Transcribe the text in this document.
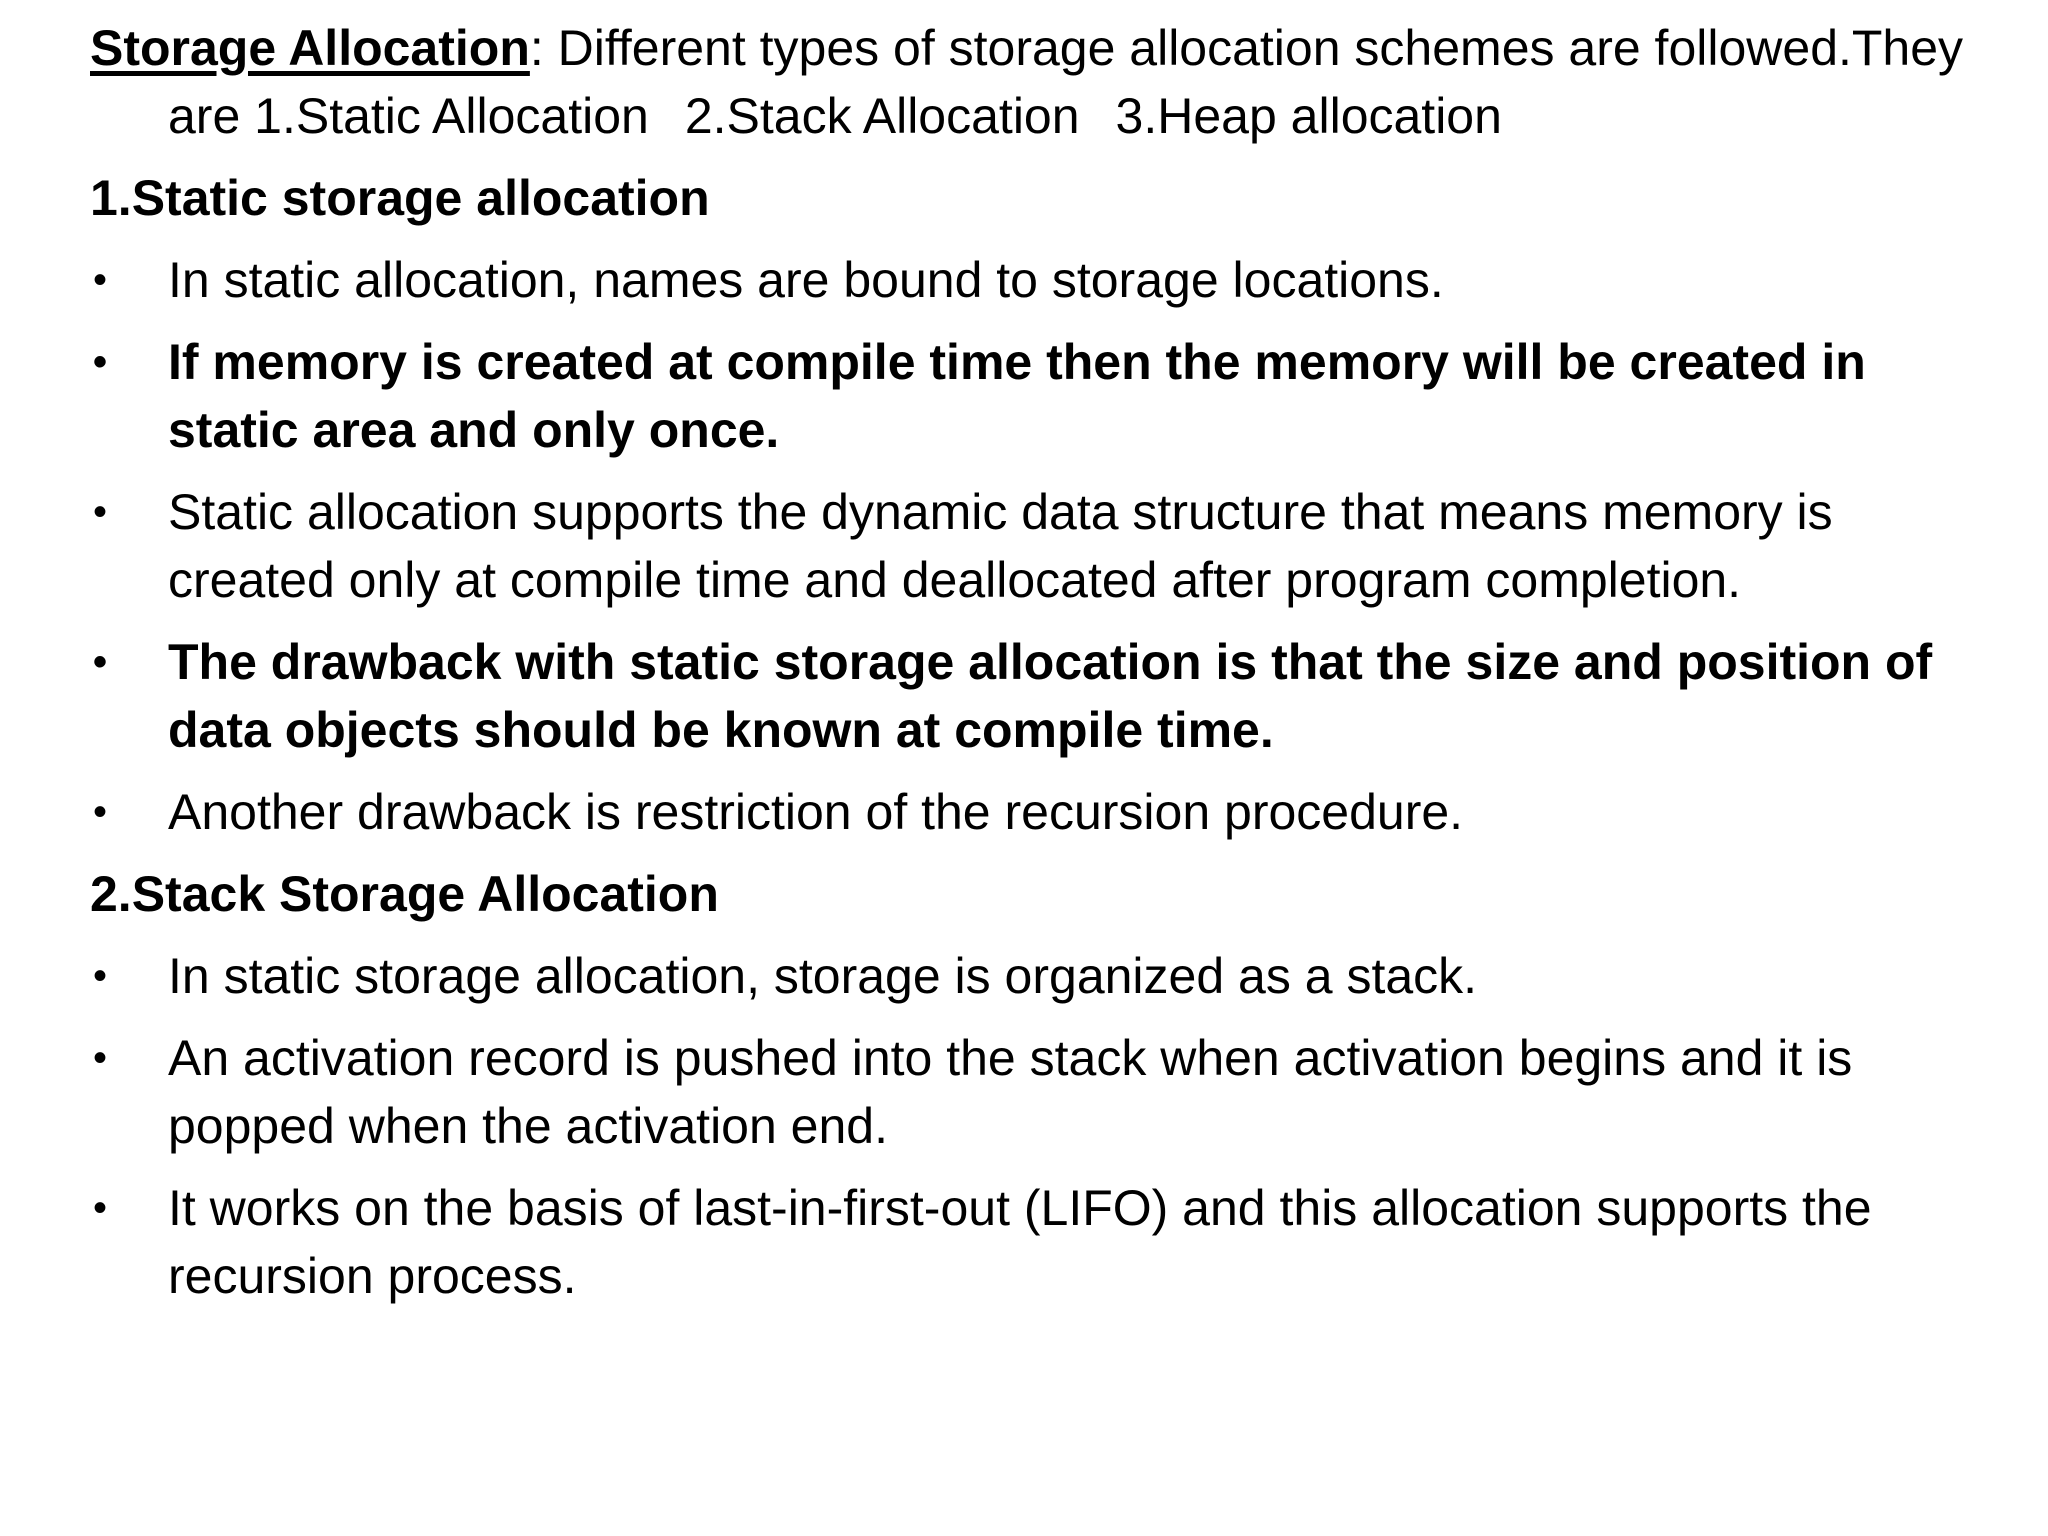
Storage Allocation: Different types of storage allocation schemes are followed.They are 1.Static Allocation 2.Stack Allocation 3.Heap allocation

1.Static storage allocation

• In static allocation, names are bound to storage locations.
• If memory is created at compile time then the memory will be created in static area and only once.
• Static allocation supports the dynamic data structure that means memory is created only at compile time and deallocated after program completion.
• The drawback with static storage allocation is that the size and position of data objects should be known at compile time.
• Another drawback is restriction of the recursion procedure.

2.Stack Storage Allocation

• In static storage allocation, storage is organized as a stack.
• An activation record is pushed into the stack when activation begins and it is popped when the activation end.
• It works on the basis of last-in-first-out (LIFO) and this allocation supports the recursion process.
